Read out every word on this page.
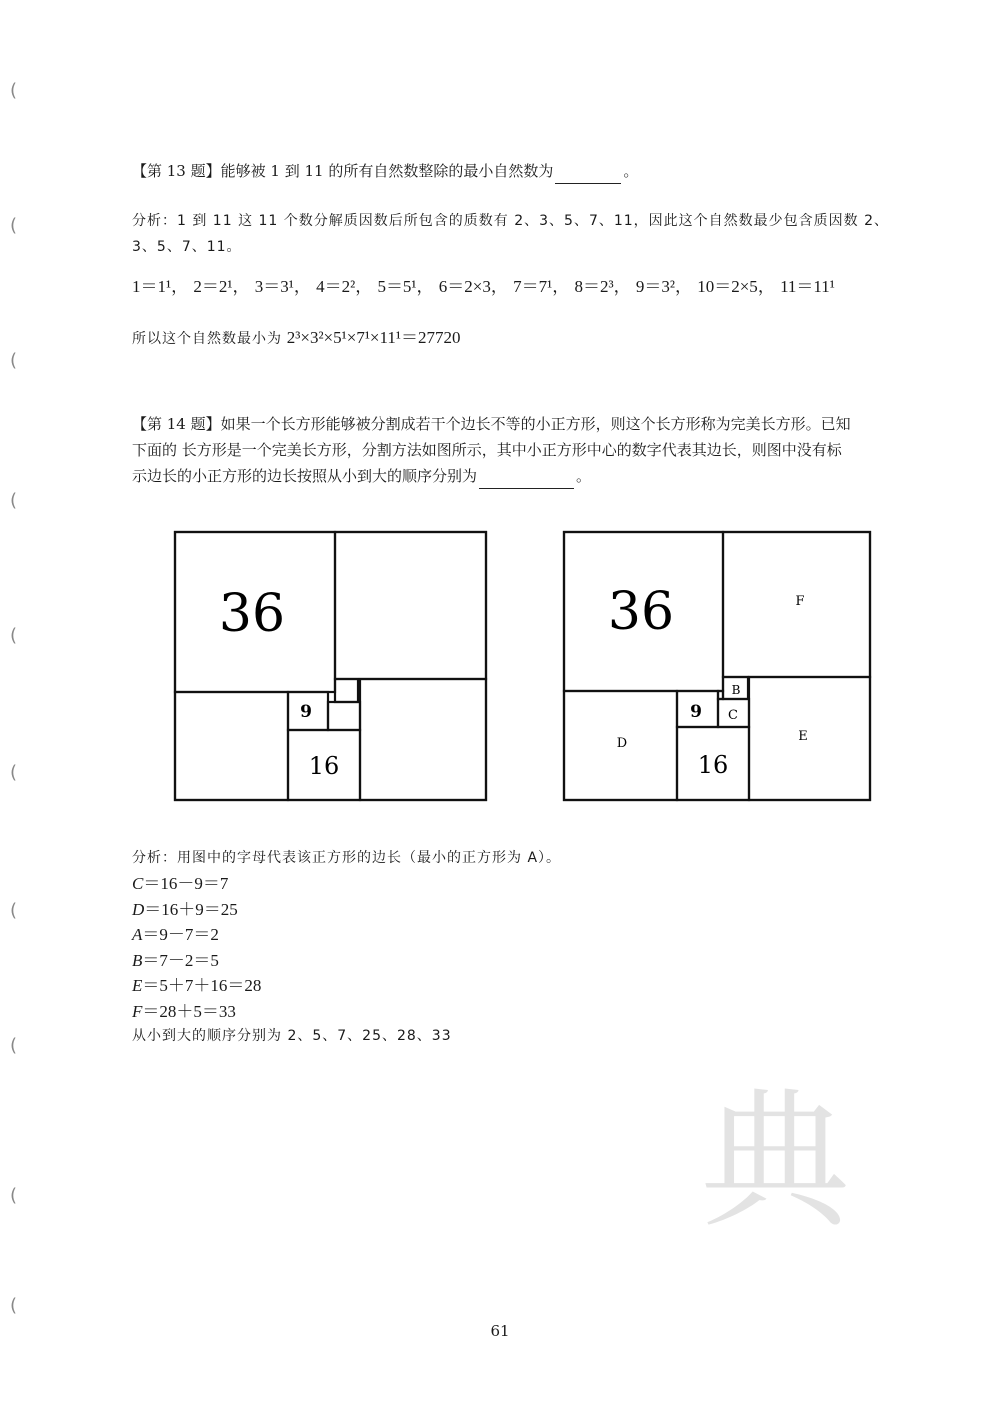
(
(
(
(
(
(
(
(
(
(
典
【第 13 题】能够被 1 到 11 的所有自然数整除的最小自然数为	。
分析：1 到 11 这 11 个数分解质因数后所包含的质数有 2、3、5、7、11，因此这个自然数最少包含质因数 2、
3、5、7、11。
1＝1¹， 2＝2¹， 3＝3¹， 4＝2²， 5＝5¹， 6＝2×3， 7＝7¹， 8＝2³， 9＝3²， 10＝2×5， 11＝11¹
所以这个自然数最小为 2³×3²×5¹×7¹×11¹＝27720
【第 14 题】如果一个长方形能够被分割成若干个边长不等的小正方形，则这个长方形称为完美长方形。已知
下面的 长方形是一个完美长方形，分割方法如图所示，其中小正方形中心的数字代表其边长，则图中没有标
示边长的小正方形的边长按照从小到大的顺序分别为	。
36
9
16
36
9
16
F
B
C
D	E
分析：用图中的字母代表该正方形的边长（最小的正方形为 A）。
C＝16－9＝7
D＝16＋9＝25
A＝9－7＝2
B＝7－2＝5
E＝5＋7＋16＝28
F＝28＋5＝33
从小到大的顺序分别为 2、5、7、25、28、33
61
